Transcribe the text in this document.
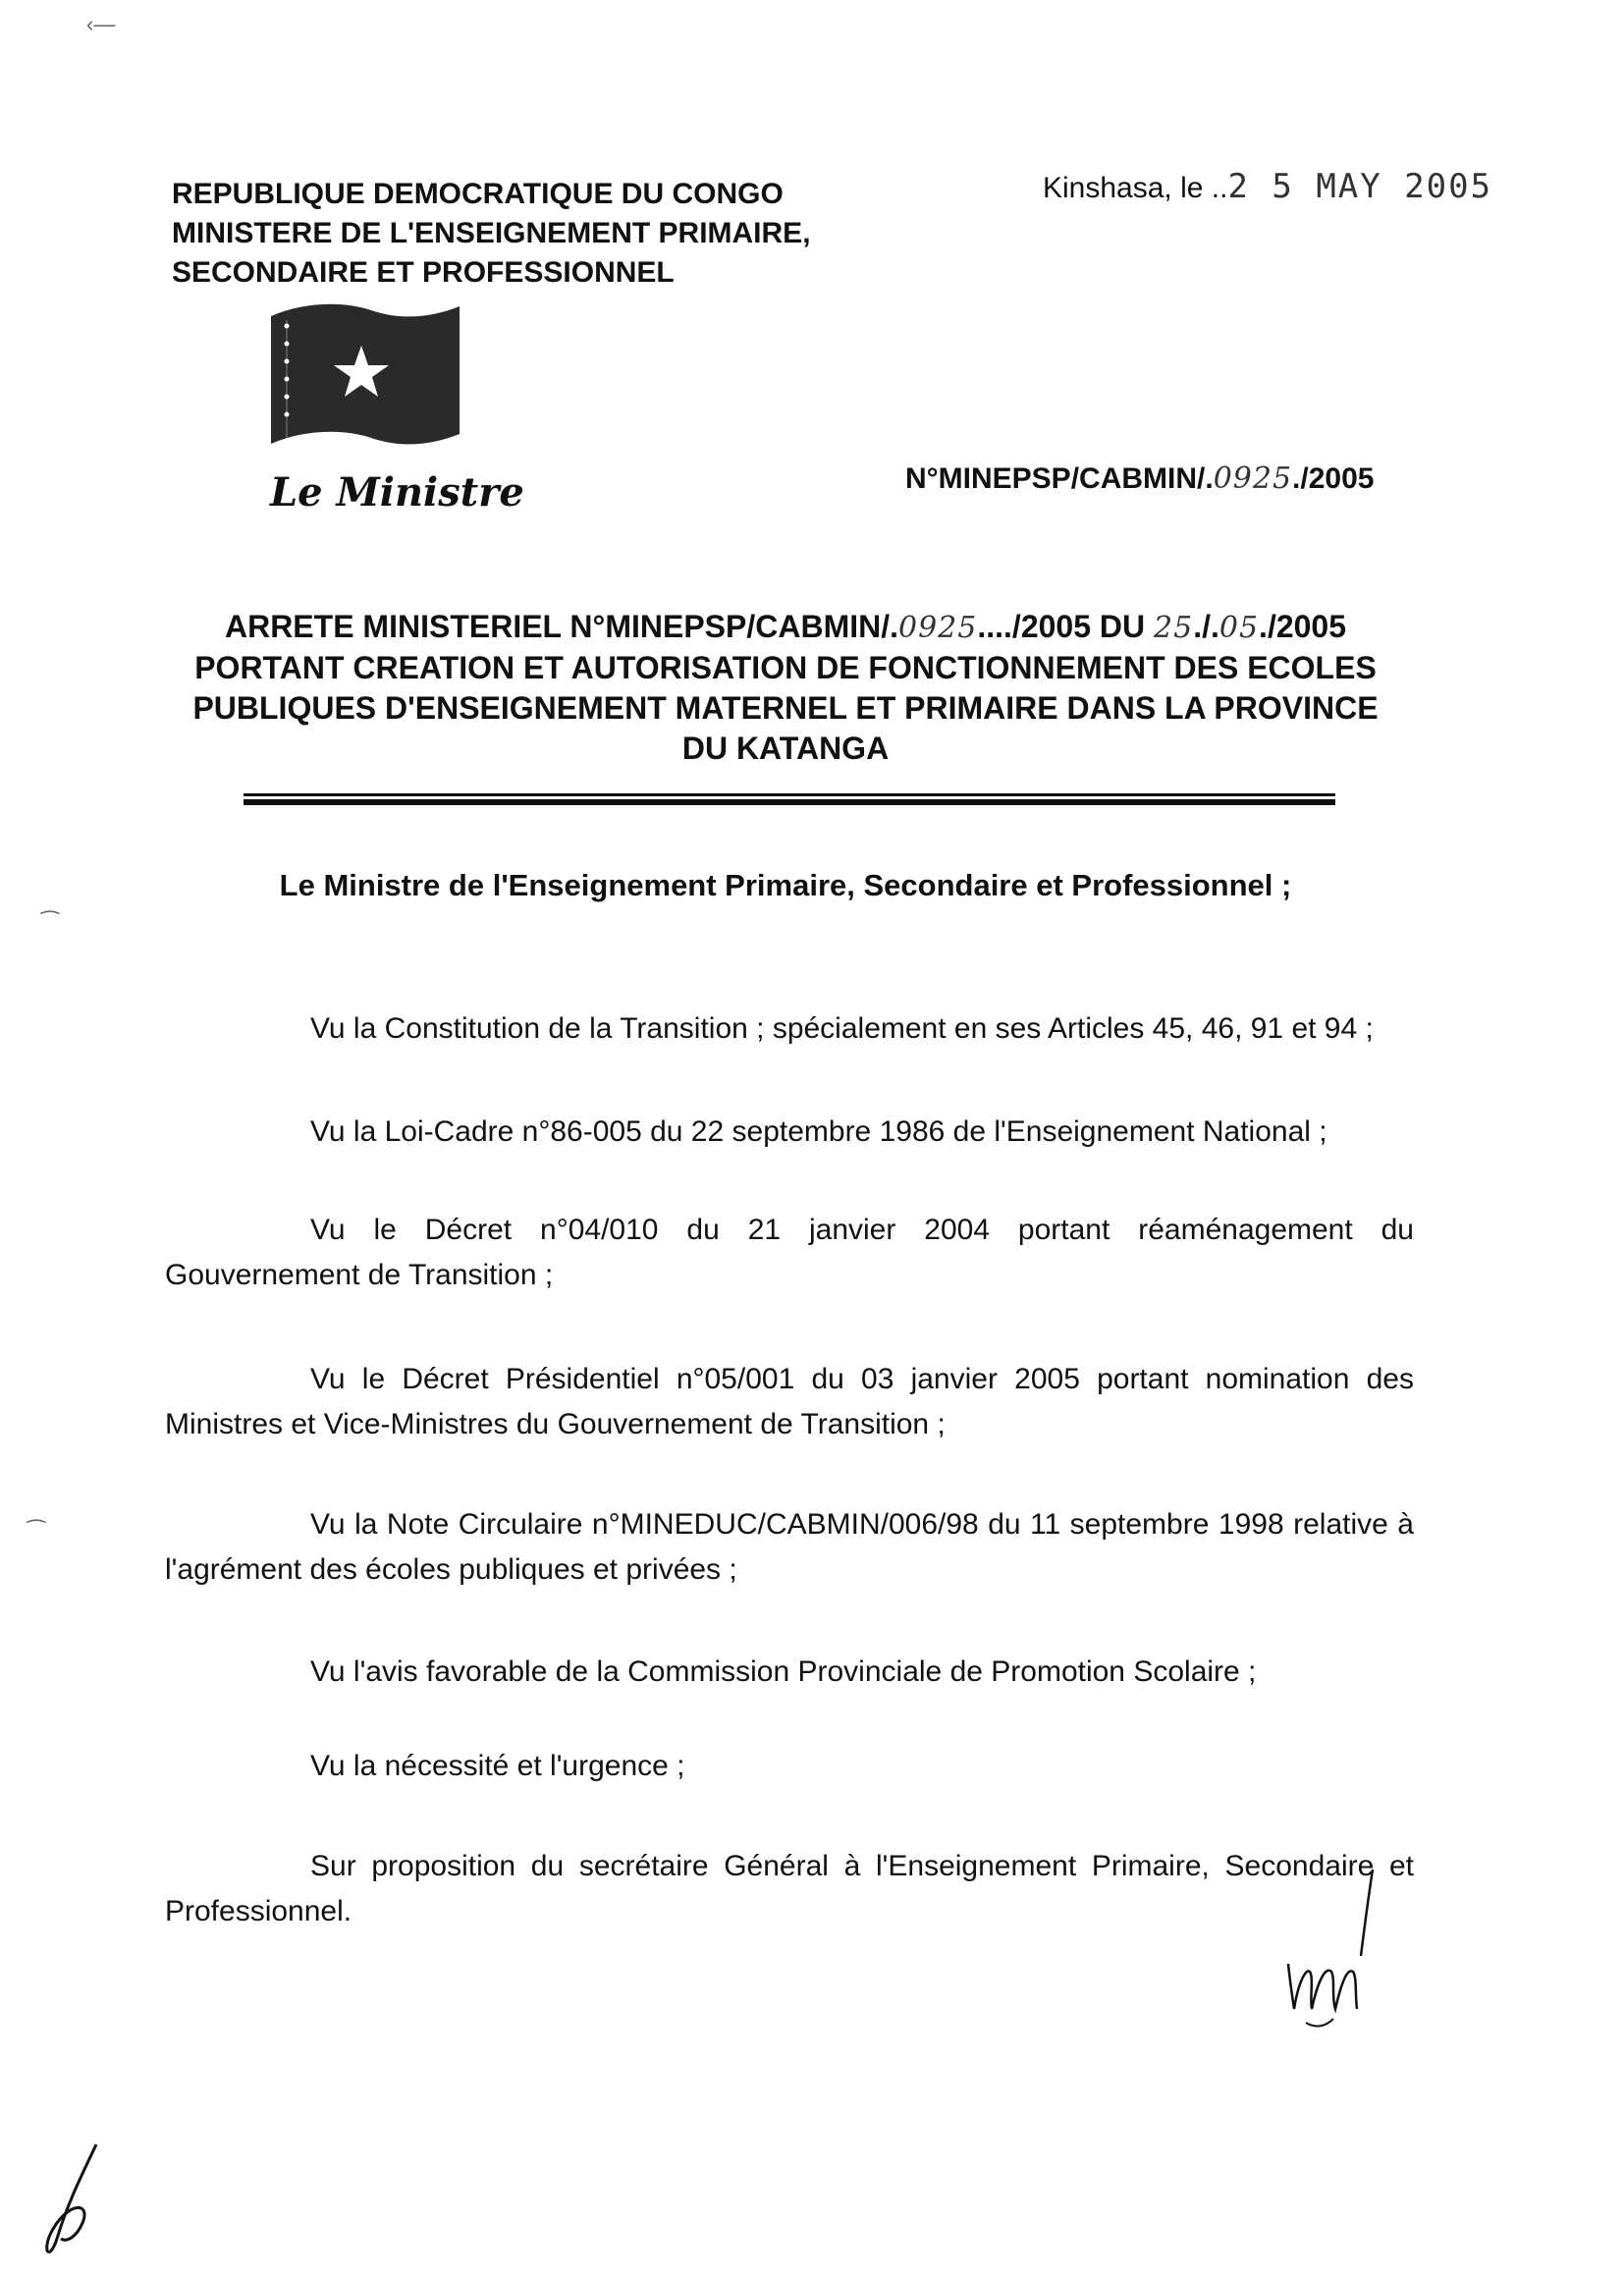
‹—
⁀
⁀
REPUBLIQUE DEMOCRATIQUE DU CONGO
MINISTERE DE L'ENSEIGNEMENT PRIMAIRE,
SECONDAIRE ET PROFESSIONNEL
Kinshasa, le ..2 5 MAY 2005
Le Ministre	N°MINEPSP/CABMIN/.0925./2005
ARRETE MINISTERIEL N°MINEPSP/CABMIN/.0925..../2005 DU 25./.05./2005
PORTANT CREATION ET AUTORISATION DE FONCTIONNEMENT DES ECOLES
PUBLIQUES D'ENSEIGNEMENT MATERNEL ET PRIMAIRE DANS LA PROVINCE
DU KATANGA
Le Ministre de l'Enseignement Primaire, Secondaire et Professionnel ;
Vu la Constitution de la Transition ; spécialement en ses Articles 45, 46, 91 et 94 ;
Vu la Loi-Cadre n°86-005 du 22 septembre 1986 de l'Enseignement National ;
Vu le Décret n°04/010 du 21 janvier 2004 portant réaménagement du Gouvernement de Transition ;
Vu le Décret Présidentiel n°05/001 du 03 janvier 2005 portant nomination des Ministres et Vice-Ministres du Gouvernement de Transition ;
Vu la Note Circulaire n°MINEDUC/CABMIN/006/98 du 11 septembre 1998 relative à l'agrément des écoles publiques et privées ;
Vu l'avis favorable de la Commission Provinciale de Promotion Scolaire ;
Vu la nécessité et l'urgence ;
Sur proposition du secrétaire Général à l'Enseignement Primaire, Secondaire et Professionnel.
